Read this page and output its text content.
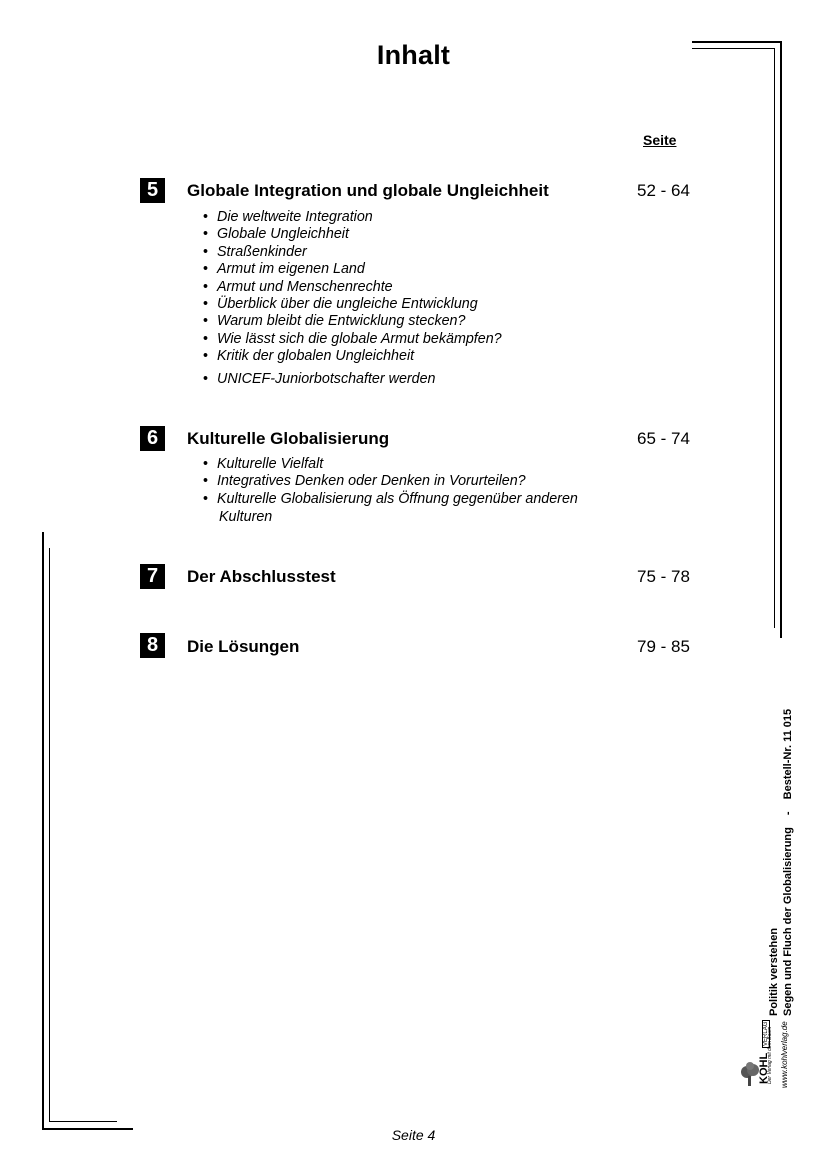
Inhalt
Seite
5	Globale Integration und globale Ungleichheit	52 - 64
• Die weltweite Integration
• Globale Ungleichheit
• Straßenkinder
• Armut im eigenen Land
• Armut und Menschenrechte
• Überblick über die ungleiche Entwicklung
• Warum bleibt die Entwicklung stecken?
• Wie lässt sich die globale Armut bekämpfen?
• Kritik der globalen Ungleichheit
• UNICEF-Juniorbotschafter werden
6	Kulturelle Globalisierung	65 - 74
• Kulturelle Vielfalt
• Integratives Denken oder Denken in Vorurteilen?
• Kulturelle Globalisierung als Öffnung gegenüber anderen
Kulturen
7	Der Abschlusstest	75 - 78
8	Die Lösungen	79 - 85
KOHL VERLAG
Der Verlag mit dem Baum www.kohlverlag.de
Politik verstehen Segen und Fluch der Globalisierung - Bestell-Nr. 11 015
Seite 4
